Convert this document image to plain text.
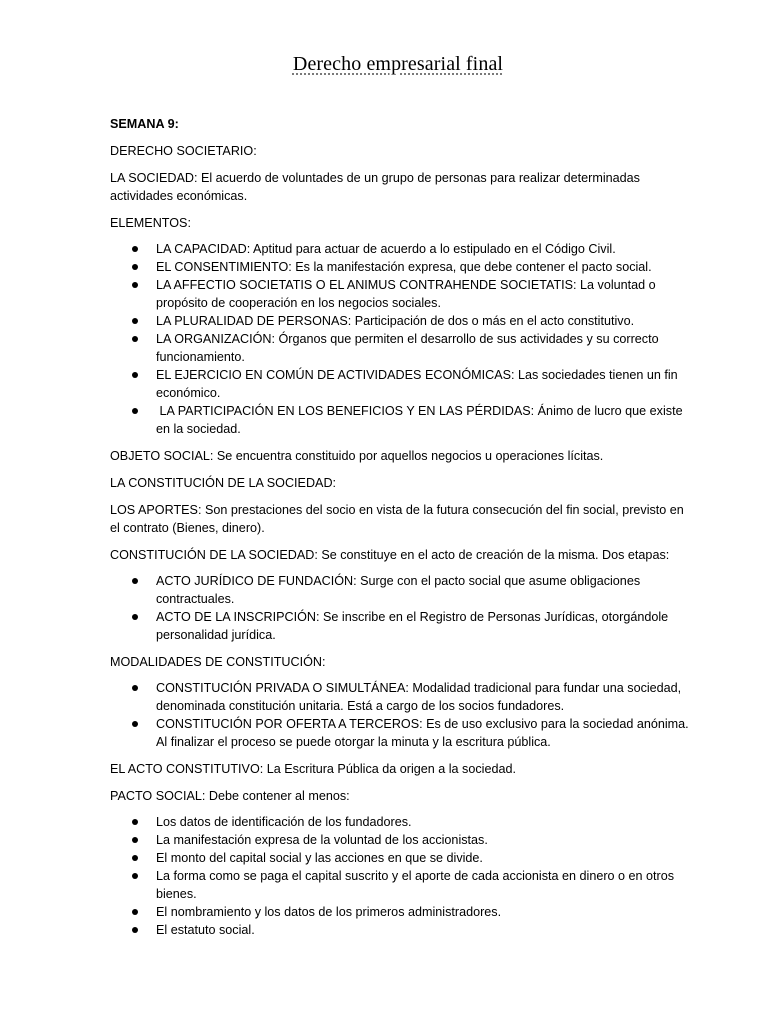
Derecho empresarial final
SEMANA 9:
DERECHO SOCIETARIO:
LA SOCIEDAD: El acuerdo de voluntades de un grupo de personas para realizar determinadas actividades económicas.
ELEMENTOS:
LA CAPACIDAD: Aptitud para actuar de acuerdo a lo estipulado en el Código Civil.
EL CONSENTIMIENTO: Es la manifestación expresa, que debe contener el pacto social.
LA AFFECTIO SOCIETATIS O EL ANIMUS CONTRAHENDE SOCIETATIS: La voluntad o propósito de cooperación en los negocios sociales.
LA PLURALIDAD DE PERSONAS: Participación de dos o más en el acto constitutivo.
LA ORGANIZACIÓN: Órganos que permiten el desarrollo de sus actividades y su correcto funcionamiento.
EL EJERCICIO EN COMÚN DE ACTIVIDADES ECONÓMICAS: Las sociedades tienen un fin económico.
LA PARTICIPACIÓN EN LOS BENEFICIOS Y EN LAS PÉRDIDAS: Ánimo de lucro que existe en la sociedad.
OBJETO SOCIAL: Se encuentra constituido por aquellos negocios u operaciones lícitas.
LA CONSTITUCIÓN DE LA SOCIEDAD:
LOS APORTES: Son prestaciones del socio en vista de la futura consecución del fin social, previsto en el contrato (Bienes, dinero).
CONSTITUCIÓN DE LA SOCIEDAD: Se constituye en el acto de creación de la misma. Dos etapas:
ACTO JURÍDICO DE FUNDACIÓN: Surge con el pacto social que asume obligaciones contractuales.
ACTO DE LA INSCRIPCIÓN: Se inscribe en el Registro de Personas Jurídicas, otorgándole personalidad jurídica.
MODALIDADES DE CONSTITUCIÓN:
CONSTITUCIÓN PRIVADA O SIMULTÁNEA: Modalidad tradicional para fundar una sociedad, denominada constitución unitaria. Está a cargo de los socios fundadores.
CONSTITUCIÓN POR OFERTA A TERCEROS: Es de uso exclusivo para la sociedad anónima. Al finalizar el proceso se puede otorgar la minuta y la escritura pública.
EL ACTO CONSTITUTIVO: La Escritura Pública da origen a la sociedad.
PACTO SOCIAL: Debe contener al menos:
Los datos de identificación de los fundadores.
La manifestación expresa de la voluntad de los accionistas.
El monto del capital social y las acciones en que se divide.
La forma como se paga el capital suscrito y el aporte de cada accionista en dinero o en otros bienes.
El nombramiento y los datos de los primeros administradores.
El estatuto social.
